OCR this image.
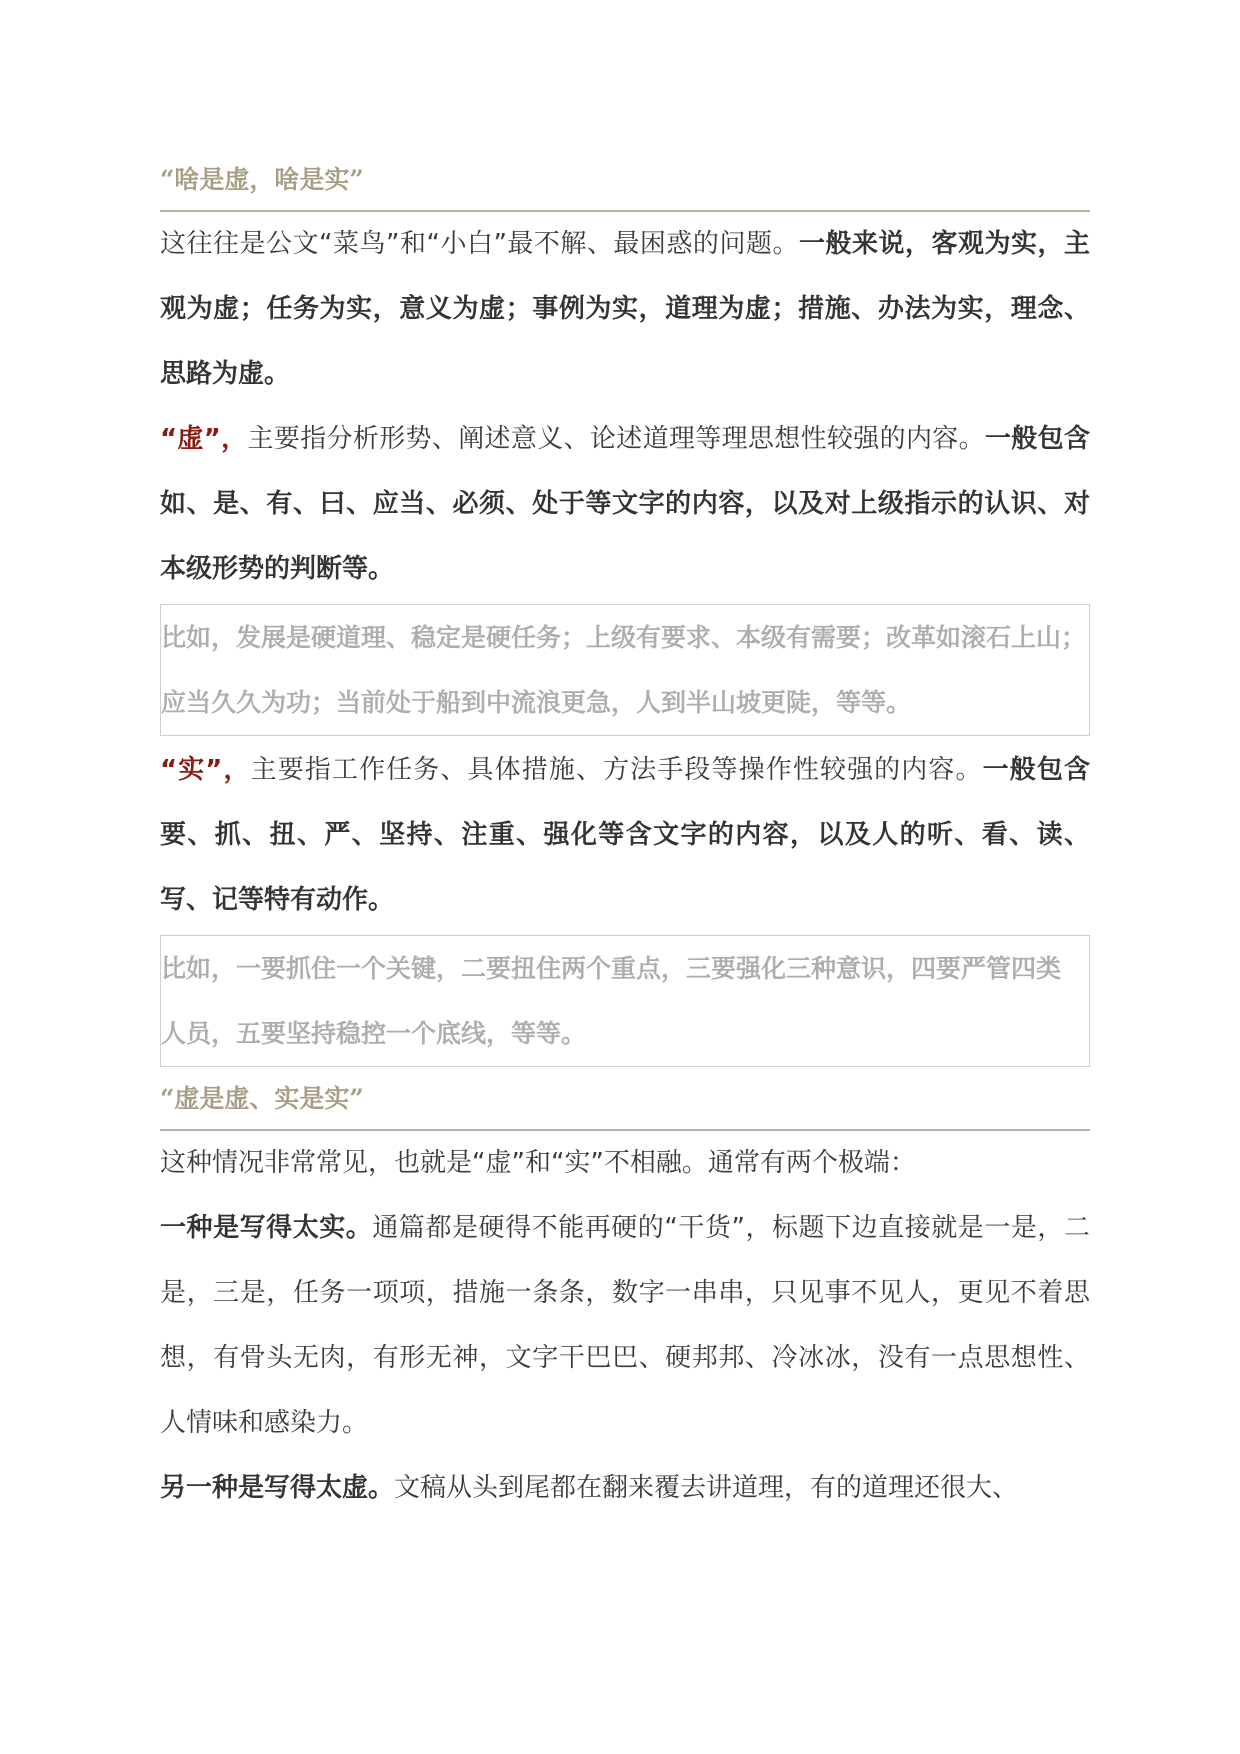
“啥是虚，啥是实”

这往往是公文“菜鸟”和“小白”最不解、最困惑的问题。一般来说，客观为实，主观为虚；任务为实，意义为虚；事例为实，道理为虚；措施、办法为实，理念、思路为虚。

“虚”，主要指分析形势、阐述意义、论述道理等理思想性较强的内容。一般包含如、是、有、曰、应当、必须、处于等文字的内容，以及对上级指示的认识、对本级形势的判断等。

比如，发展是硬道理、稳定是硬任务；上级有要求、本级有需要；改革如滚石上山；
应当久久为功；当前处于船到中流浪更急，人到半山坡更陡，等等。

“实”，主要指工作任务、具体措施、方法手段等操作性较强的内容。一般包含要、抓、扭、严、坚持、注重、强化等含文字的内容，以及人的听、看、读、写、记等特有动作。

比如，一要抓住一个关键，二要扭住两个重点，三要强化三种意识，四要严管四类
人员，五要坚持稳控一个底线，等等。
“虚是虚、实是实”

这种情况非常常见，也就是“虚”和“实”不相融。通常有两个极端：

一种是写得太实。通篇都是硬得不能再硬的“干货”，标题下边直接就是一是，二是，三是，任务一项项，措施一条条，数字一串串，只见事不见人，更见不着思想，有骨头无肉，有形无神，文字干巴巴、硬邦邦、冷冰冰，没有一点思想性、人情味和感染力。

另一种是写得太虚。文稿从头到尾都在翻来覆去讲道理，有的道理还很大、
